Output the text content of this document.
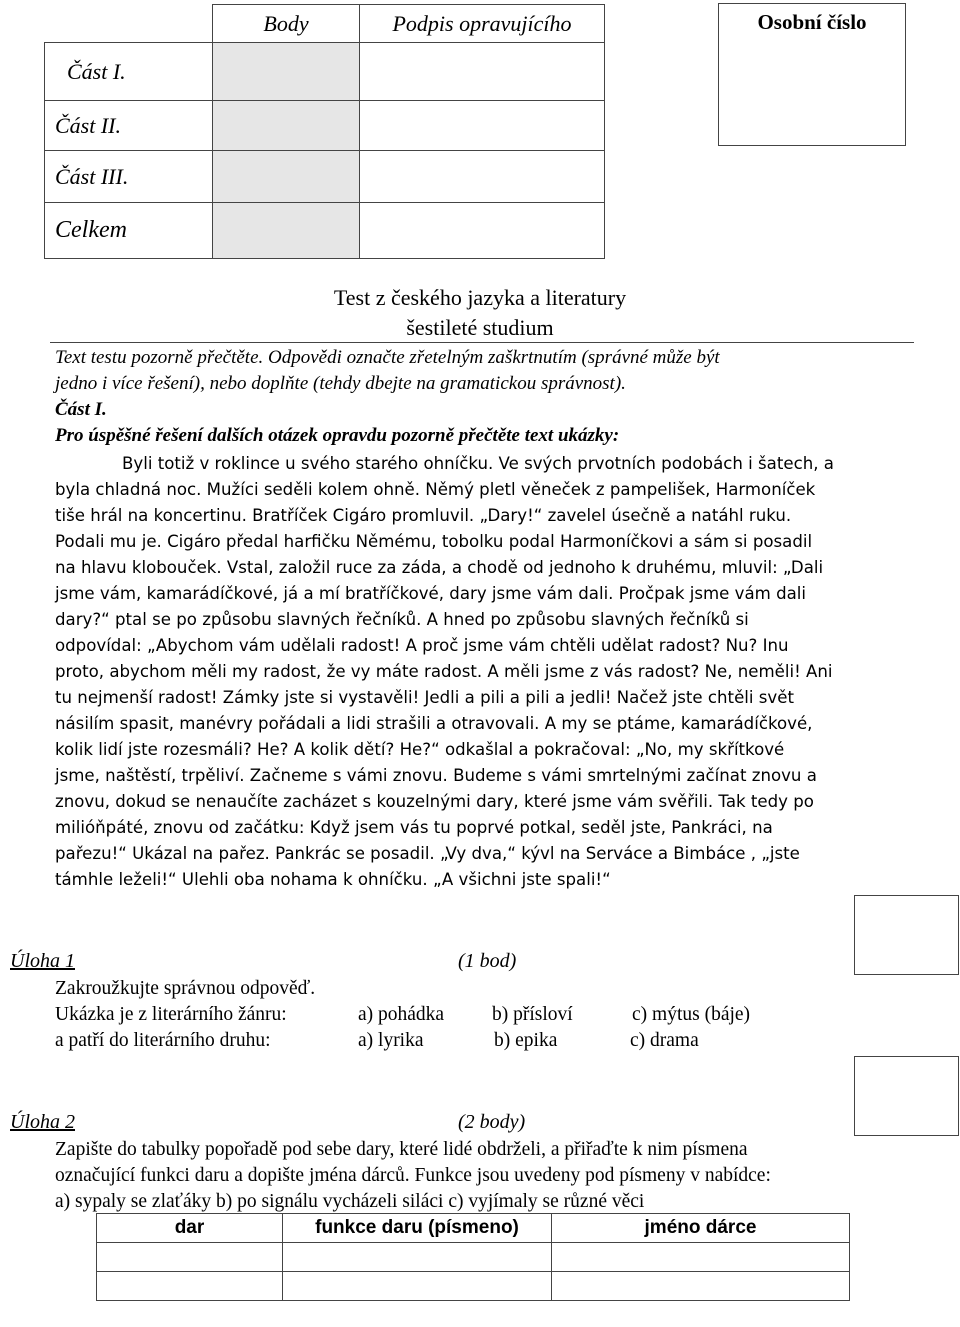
	Body	Podpis opravujícího
Část I.		
Část II.		
Část III.		
Celkem		
Osobní číslo
Test z českého jazyka a literatury
šestileté studium
Text testu pozorně přečtěte. Odpovědi označte zřetelným zaškrtnutím (správné může být
jedno i více řešení), nebo doplňte (tehdy dbejte na gramatickou správnost).
Část I.
Pro úspěšné řešení dalších otázek opravdu pozorně přečtěte text ukázky:
Byli totiž v roklince u svého starého ohníčku. Ve svých prvotních podobách i šatech, a
byla chladná noc. Mužíci seděli kolem ohně. Němý pletl věneček z pampelišek, Harmoníček
tiše hrál na koncertinu. Bratříček Cigáro promluvil. „Dary!“ zavelel úsečně a natáhl ruku.
Podali mu je. Cigáro předal harfičku Němému, tobolku podal Harmoníčkovi a sám si posadil
na hlavu klobouček. Vstal, založil ruce za záda, a chodě od jednoho k druhému, mluvil: „Dali
jsme vám, kamarádíčkové, já a mí bratříčkové, dary jsme vám dali. Pročpak jsme vám dali
dary?“ ptal se po způsobu slavných řečníků. A hned po způsobu slavných řečníků si
odpovídal: „Abychom vám udělali radost! A proč jsme vám chtěli udělat radost? Nu? Inu
proto, abychom měli my radost, že vy máte radost. A měli jsme z vás radost? Ne, neměli! Ani
tu nejmenší radost! Zámky jste si vystavěli! Jedli a pili a pili a jedli! Načež jste chtěli svět
násilím spasit, manévry pořádali a lidi strašili a otravovali. A my se ptáme, kamarádíčkové,
kolik lidí jste rozesmáli? He? A kolik dětí? He?“ odkašlal a pokračoval: „No, my skřítkové
jsme, naštěstí, trpěliví. Začneme s vámi znovu. Budeme s vámi smrtelnými začínat znovu a
znovu, dokud se nenaučíte zacházet s kouzelnými dary, které jsme vám svěřili. Tak tedy po
milióňpáté, znovu od začátku: Když jsem vás tu poprvé potkal, seděl jste, Pankráci, na
pařezu!“ Ukázal na pařez. Pankrác se posadil. „Vy dva,“ kývl na Serváce a Bimbáce , „jste
támhle leželi!“ Ulehli oba nohama k ohníčku. „A všichni jste spali!“
Úloha 1	(1 bod)
Zakroužkujte správnou odpověď.
Ukázka je z literárního žánru:	a) pohádka b) přísloví	c) mýtus (báje)
a patří do literárního druhu:	a) lyrika	b) epika	c) drama
Úloha 2	(2 body)
Zapište do tabulky popořadě pod sebe dary, které lidé obdrželi, a přiřaďte k nim písmena
označující funkci daru a dopište jména dárců. Funkce jsou uvedeny pod písmeny v nabídce:
a) sypaly se zlaťáky b) po signálu vycházeli siláci c) vyjímaly se různé věci
dar	funkce daru (písmeno)	jméno dárce
